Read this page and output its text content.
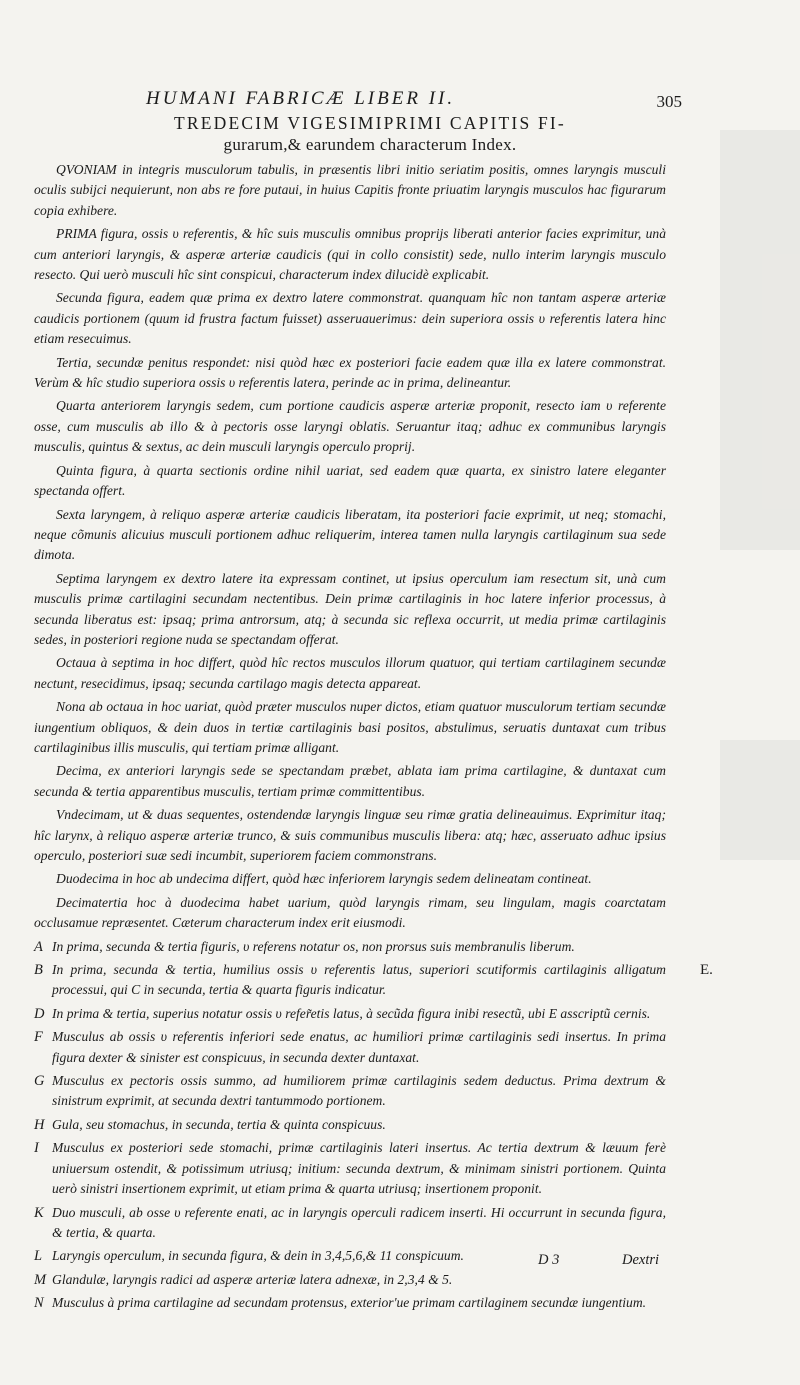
HUMANI FABRICÆ LIBER II.	305
TREDECIM VIGESIMIPRIMI CAPITIS FI-
gurarum,& earundem characterum Index.

QVONIAM in integris musculorum tabulis, in præsentis libri initio seriatim positis, omnes laryngis musculi oculis subijci nequierunt, non abs re fore putaui, in huius Capitis fronte priuatim laryngis musculos hac figurarum copia exhibere.

PRIMA figura, ossis υ referentis, & hîc suis musculis omnibus proprijs liberati anterior facies exprimitur, unà cum anteriori laryngis, & asperæ arteriæ caudicis (qui in collo consistit) sede, nullo interim laryngis musculo resecto. Qui uerò musculi hîc sint conspicui, characterum index dilucidè explicabit.

Secunda figura, eadem quæ prima ex dextro latere commonstrat. quanquam hîc non tantam asperæ arteriæ caudicis portionem (quum id frustra factum fuisset) asseruauerimus: dein superiora ossis υ referentis latera hinc etiam resecuimus.

Tertia, secundæ penitus respondet: nisi quòd hæc ex posteriori facie eadem quæ illa ex latere commonstrat. Verùm & hîc studio superiora ossis υ referentis latera, perinde ac in prima, delineantur.

Quarta anteriorem laryngis sedem, cum portione caudicis asperæ arteriæ proponit, resecto iam υ referente osse, cum musculis ab illo & à pectoris osse laryngi oblatis. Seruantur itaq; adhuc ex communibus laryngis musculis, quintus & sextus, ac dein musculi laryngis operculo proprij.

Quinta figura, à quarta sectionis ordine nihil uariat, sed eadem quæ quarta, ex sinistro latere eleganter spectanda offert.

Sexta laryngem, à reliquo asperæ arteriæ caudicis liberatam, ita posteriori facie exprimit, ut neq; stomachi, neque cõmunis alicuius musculi portionem adhuc reliquerim, interea tamen nulla laryngis cartilaginum sua sede dimota.

Septima laryngem ex dextro latere ita expressam continet, ut ipsius operculum iam resectum sit, unà cum musculis primæ cartilagini secundam nectentibus. Dein primæ cartilaginis in hoc latere inferior processus, à secunda liberatus est: ipsaq; prima antrorsum, atq; à secunda sic reflexa occurrit, ut media primæ cartilaginis sedes, in posteriori regione nuda se spectandam offerat.

Octaua à septima in hoc differt, quòd hîc rectos musculos illorum quatuor, qui tertiam cartilaginem secundæ nectunt, resecidimus, ipsaq; secunda cartilago magis detecta appareat.

Nona ab octaua in hoc uariat, quòd præter musculos nuper dictos, etiam quatuor musculorum tertiam secundæ iungentium obliquos, & dein duos in tertiæ cartilaginis basi positos, abstulimus, seruatis duntaxat cum tribus cartilaginibus illis musculis, qui tertiam primæ alligant.

Decima, ex anteriori laryngis sede se spectandam præbet, ablata iam prima cartilagine, & duntaxat cum secunda & tertia apparentibus musculis, tertiam primæ committentibus.

Vndecimam, ut & duas sequentes, ostendendæ laryngis linguæ seu rimæ gratia delineauimus. Exprimitur itaq; hîc larynx, à reliquo asperæ arteriæ trunco, & suis communibus musculis libera: atq; hæc, asseruato adhuc ipsius operculo, posteriori suæ sedi incumbit, superiorem faciem commonstrans.

Duodecima in hoc ab undecima differt, quòd hæc inferiorem laryngis sedem delineatam contineat.

Decimatertia hoc à duodecima habet uarium, quòd laryngis rimam, seu lingulam, magis coarctatam occlusamue repræsentet. Cæterum characterum index erit eiusmodi.

A In prima, secunda & tertia figuris, υ referens notatur os, non prorsus suis membranulis liberum.
B In prima, secunda & tertia, humilius ossis υ referentis latus, superiori scutiformis cartilaginis alligatum processui, qui C in secunda, tertia & quarta figuris indicatur.
D In prima & tertia, superius notatur ossis υ refer̃etis latus, à secũda figura inibi resectũ, ubi E asscriptũ cernis.
F Musculus ab ossis υ referentis inferiori sede enatus, ac humiliori primæ cartilaginis sedi insertus. In prima figura dexter & sinister est conspicuus, in secunda dexter duntaxat.
G Musculus ex pectoris ossis summo, ad humiliorem primæ cartilaginis sedem deductus. Prima dextrum & sinistrum exprimit, at secunda dextri tantummodo portionem.
H Gula, seu stomachus, in secunda, tertia & quinta conspicuus.
I Musculus ex posteriori sede stomachi, primæ cartilaginis lateri insertus. Ac tertia dextrum & læuum ferè uniuersum ostendit, & potissimum utriusq; initium: secunda dextrum, & minimam sinistri portionem. Quinta uerò sinistri insertionem exprimit, ut etiam prima & quarta utriusq; insertionem proponit.
K Duo musculi, ab osse υ referente enati, ac in laryngis operculi radicem inserti. Hi occurrunt in secunda figura, & tertia, & quarta.
L Laryngis operculum, in secunda figura, & dein in 3,4,5,6,& 11 conspicuum.
M Glandulæ, laryngis radici ad asperæ arteriæ latera adnexæ, in 2,3,4 & 5.
N Musculus à prima cartilagine ad secundam protensus, exterior'ue primam cartilaginem secundæ iungentium.
E.
D 3	Dextri
